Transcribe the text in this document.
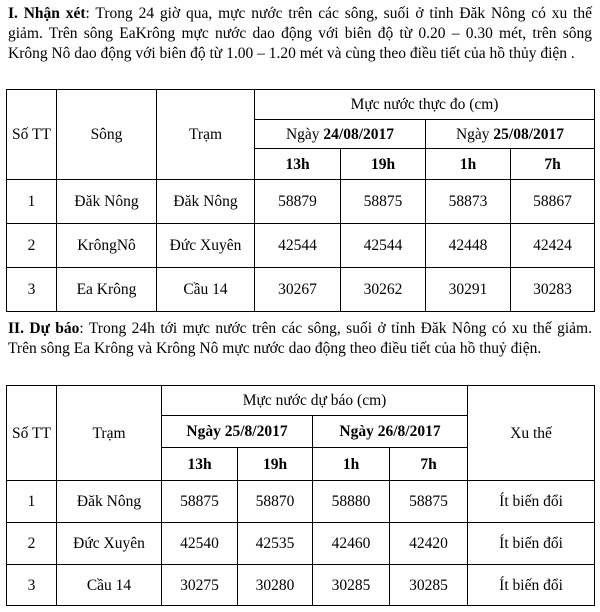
I. Nhận xét: Trong 24 giờ qua, mực nước trên các sông, suối ở tỉnh Đăk Nông có xu thế giảm. Trên sông EaKrông mực nước dao động với biên độ từ 0.20 – 0.30 mét, trên sông Krông Nô dao động với biên độ từ 1.00 – 1.20 mét và cùng theo điều tiết của hồ thủy điện .
Số TT	Sông	Trạm	Mực nước thực đo (cm)			
			Ngày 24/08/2017		Ngày 25/08/2017	
			13h	19h	1h	7h
1	Đăk Nông	Đăk Nông	58879	58875	58873	58867
2	KrôngNô	Đức Xuyên	42544	42544	42448	42424
3	Ea Krông	Cầu 14	30267	30262	30291	30283
II. Dự báo: Trong 24h tới mực nước trên các sông, suối ở tỉnh Đăk Nông có xu thế giảm. Trên sông Ea Krông và Krông Nô mực nước dao động theo điều tiết của hồ thuỷ điện.
Số TT	Trạm	Mực nước dự báo (cm)				Xu thế
		Ngày 25/8/2017		Ngày 26/8/2017		
		13h	19h	1h	7h	
1	Đăk Nông	58875	58870	58880	58875	Ít biến đổi
2	Đức Xuyên	42540	42535	42460	42420	Ít biến đổi
3	Cầu 14	30275	30280	30285	30285	Ít biến đổi
